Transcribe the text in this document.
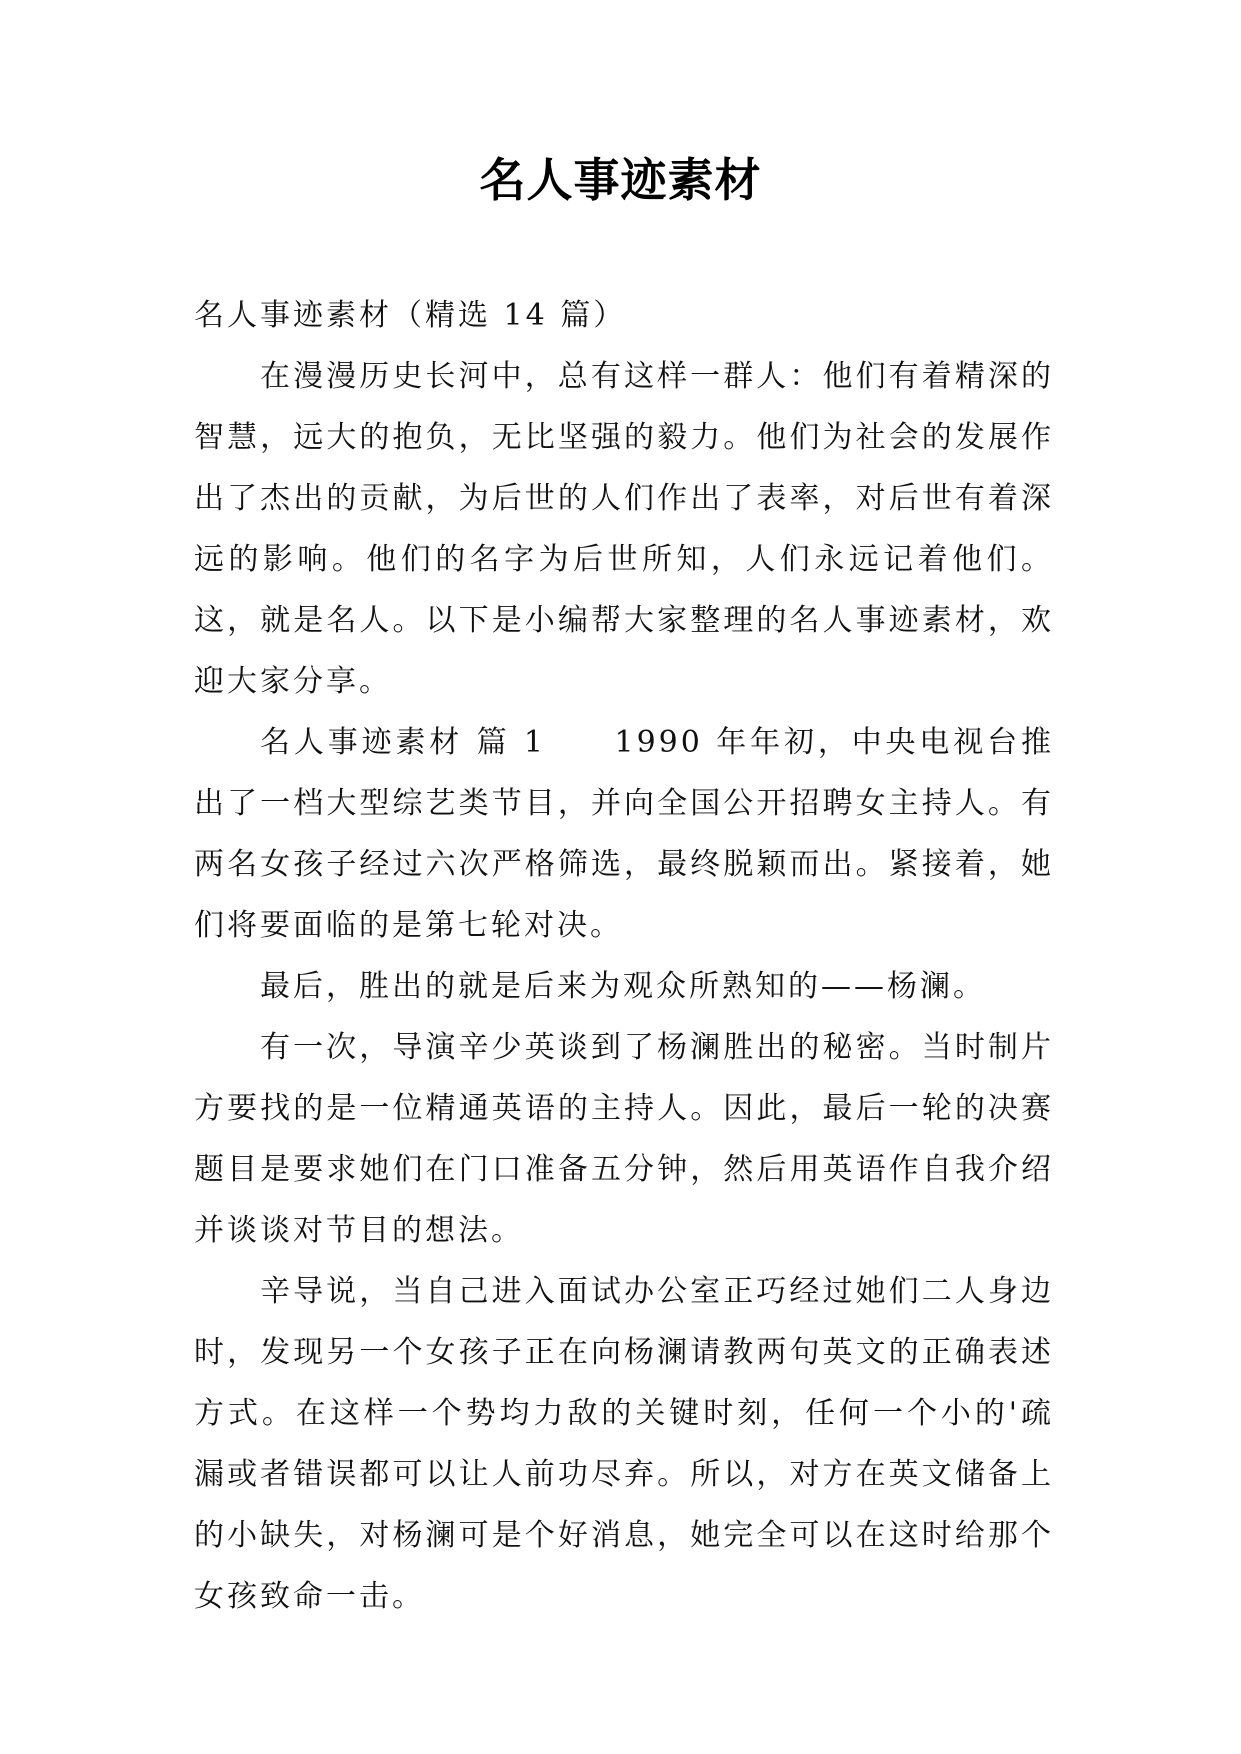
名人事迹素材

名人事迹素材（精选 14 篇）

在漫漫历史长河中，总有这样一群人：他们有着精深的智慧，远大的抱负，无比坚强的毅力。他们为社会的发展作出了杰出的贡献，为后世的人们作出了表率，对后世有着深远的影响。他们的名字为后世所知，人们永远记着他们。这，就是名人。以下是小编帮大家整理的名人事迹素材，欢迎大家分享。

名人事迹素材 篇 1　　1990 年年初，中央电视台推出了一档大型综艺类节目，并向全国公开招聘女主持人。有两名女孩子经过六次严格筛选，最终脱颖而出。紧接着，她们将要面临的是第七轮对决。

最后，胜出的就是后来为观众所熟知的——杨澜。

有一次，导演辛少英谈到了杨澜胜出的秘密。当时制片方要找的是一位精通英语的主持人。因此，最后一轮的决赛题目是要求她们在门口准备五分钟，然后用英语作自我介绍并谈谈对节目的想法。

辛导说，当自己进入面试办公室正巧经过她们二人身边时，发现另一个女孩子正在向杨澜请教两句英文的正确表述方式。在这样一个势均力敌的关键时刻，任何一个小的'疏漏或者错误都可以让人前功尽弃。所以，对方在英文储备上的小缺失，对杨澜可是个好消息，她完全可以在这时给那个女孩致命一击。
